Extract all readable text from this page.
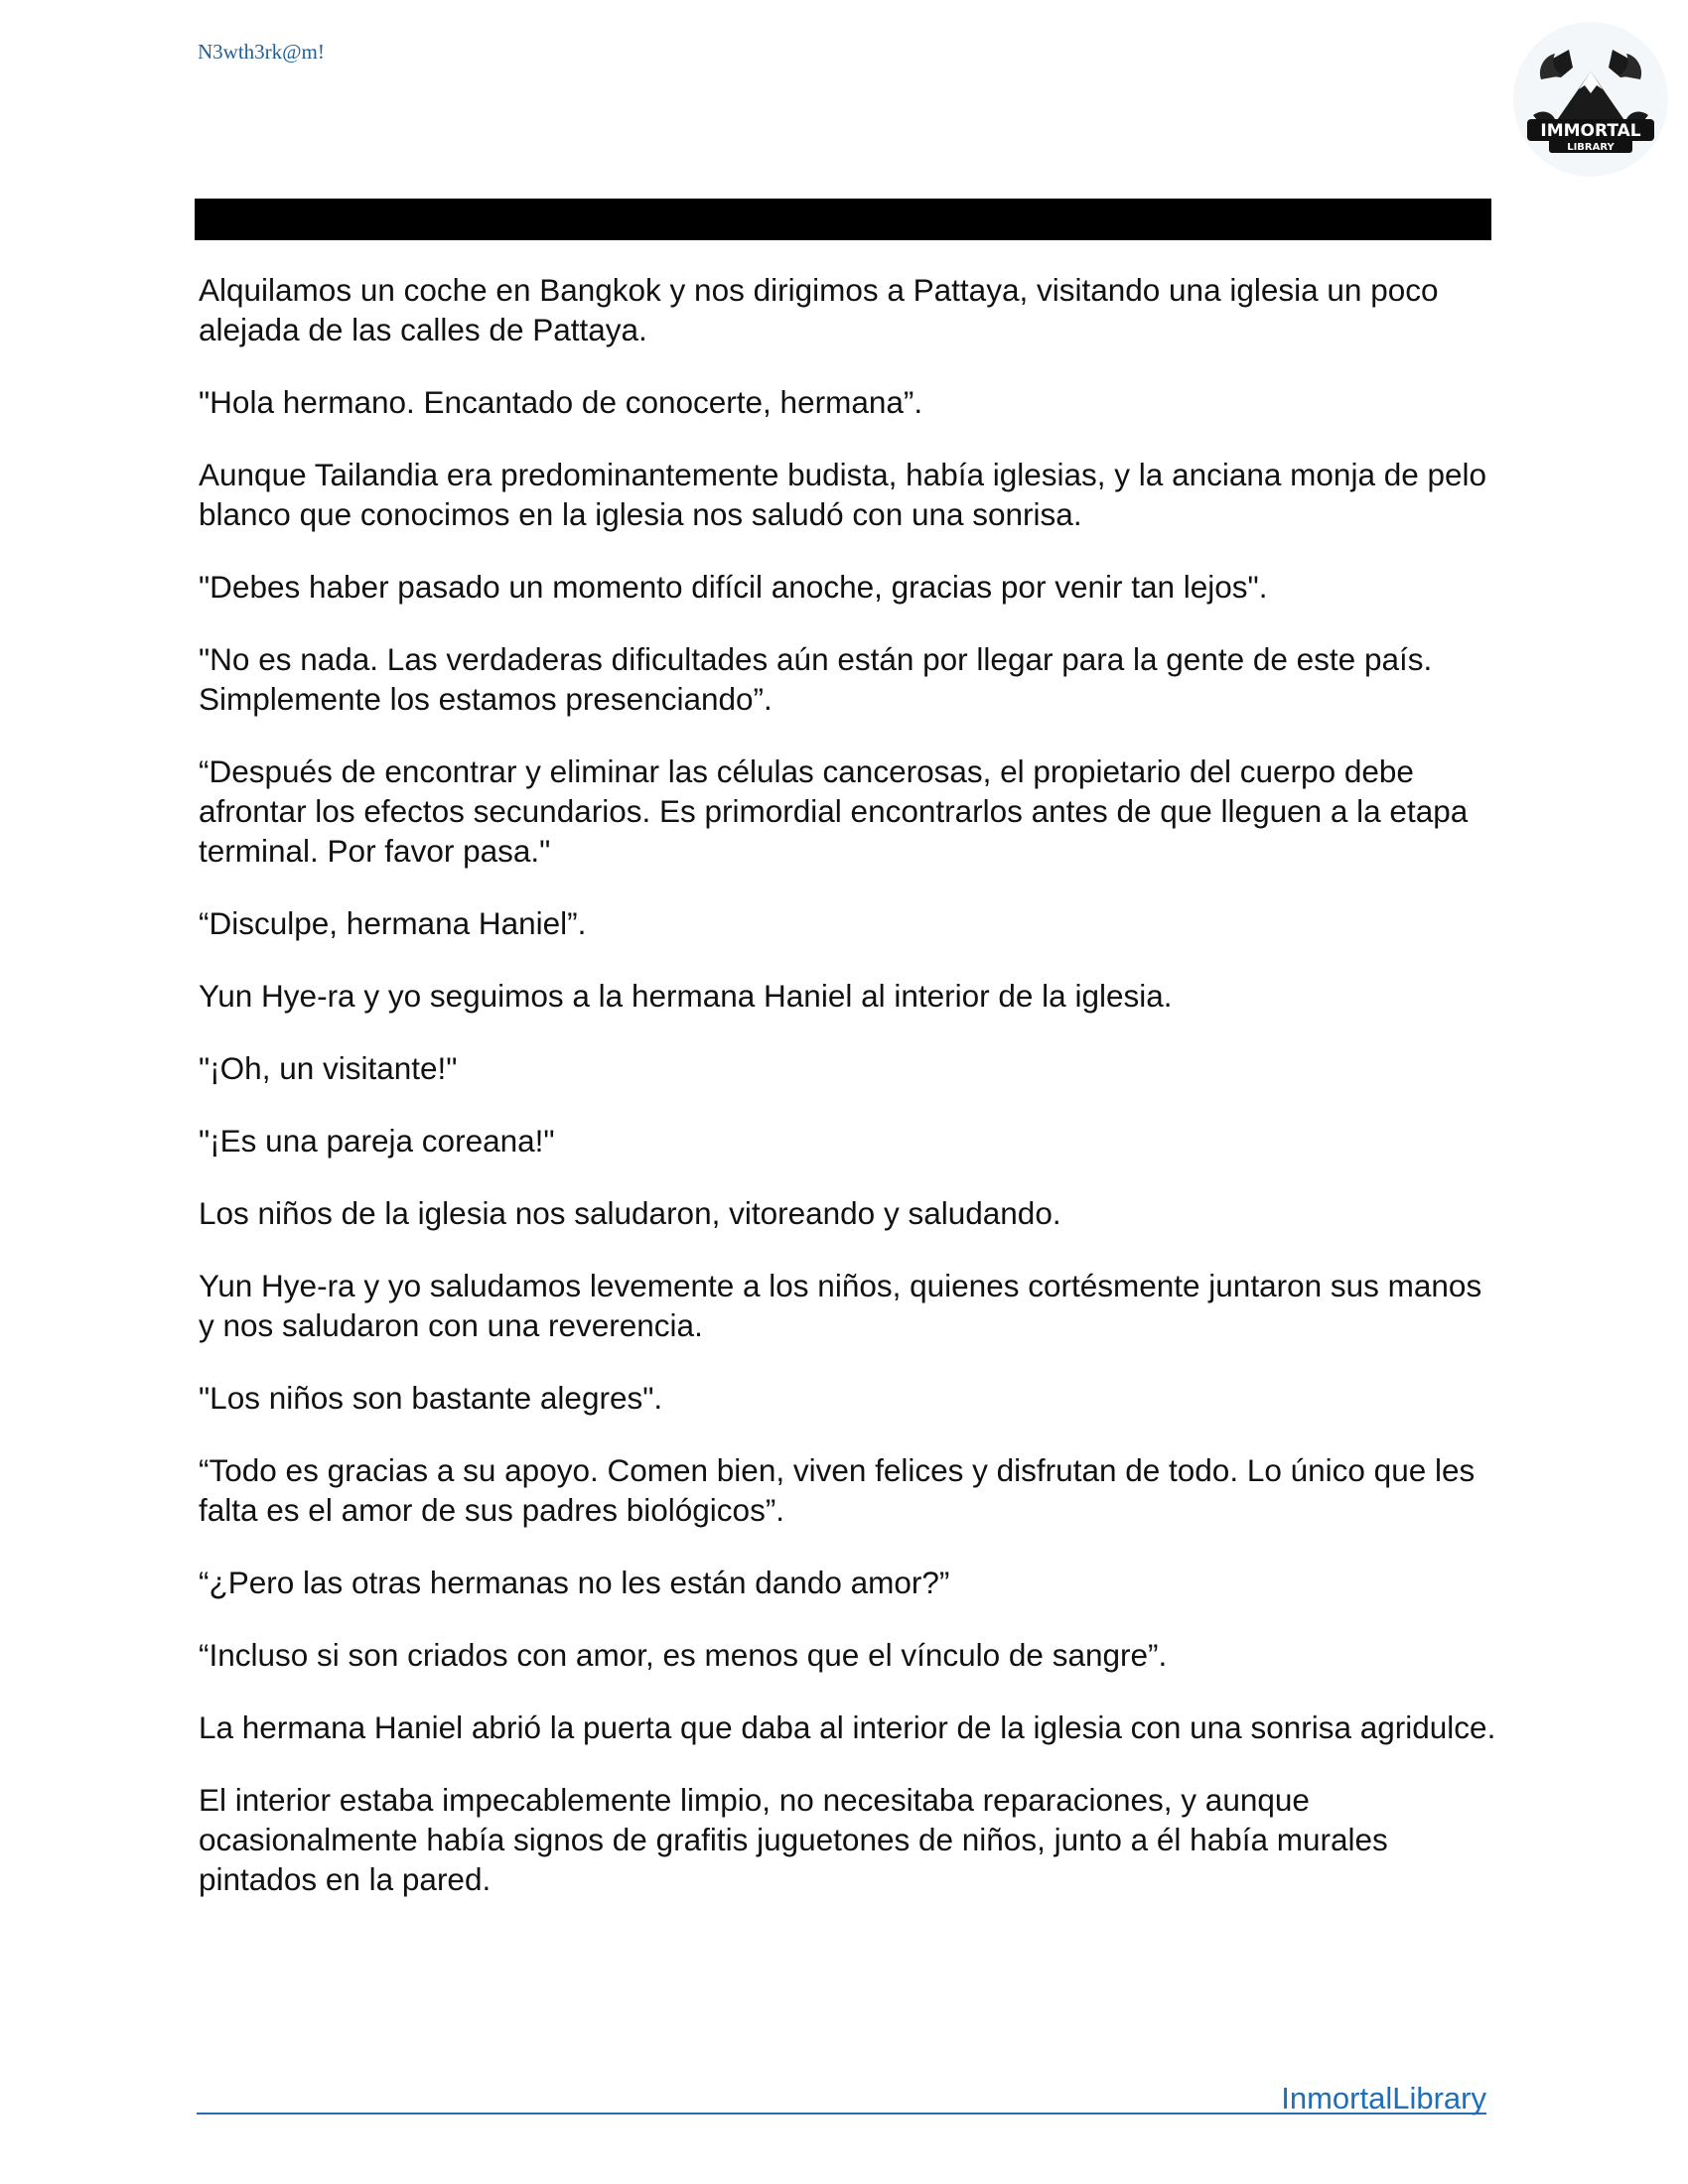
N3wth3rk@m!
IMMORTAL
LIBRARY

Alquilamos un coche en Bangkok y nos dirigimos a Pattaya, visitando una iglesia un poco alejada de las calles de Pattaya.

"Hola hermano. Encantado de conocerte, hermana”.

Aunque Tailandia era predominantemente budista, había iglesias, y la anciana monja de pelo blanco que conocimos en la iglesia nos saludó con una sonrisa.

"Debes haber pasado un momento difícil anoche, gracias por venir tan lejos".

"No es nada. Las verdaderas dificultades aún están por llegar para la gente de este país. Simplemente los estamos presenciando”.

“Después de encontrar y eliminar las células cancerosas, el propietario del cuerpo debe afrontar los efectos secundarios. Es primordial encontrarlos antes de que lleguen a la etapa terminal. Por favor pasa."

“Disculpe, hermana Haniel”.

Yun Hye-ra y yo seguimos a la hermana Haniel al interior de la iglesia.

"¡Oh, un visitante!"

"¡Es una pareja coreana!"

Los niños de la iglesia nos saludaron, vitoreando y saludando.

Yun Hye-ra y yo saludamos levemente a los niños, quienes cortésmente juntaron sus manos y nos saludaron con una reverencia.

"Los niños son bastante alegres".

“Todo es gracias a su apoyo. Comen bien, viven felices y disfrutan de todo. Lo único que les falta es el amor de sus padres biológicos”.

“¿Pero las otras hermanas no les están dando amor?”

“Incluso si son criados con amor, es menos que el vínculo de sangre”.

La hermana Haniel abrió la puerta que daba al interior de la iglesia con una sonrisa agridulce.

El interior estaba impecablemente limpio, no necesitaba reparaciones, y aunque ocasionalmente había signos de grafitis juguetones de niños, junto a él había murales pintados en la pared.

InmortalLibrary
